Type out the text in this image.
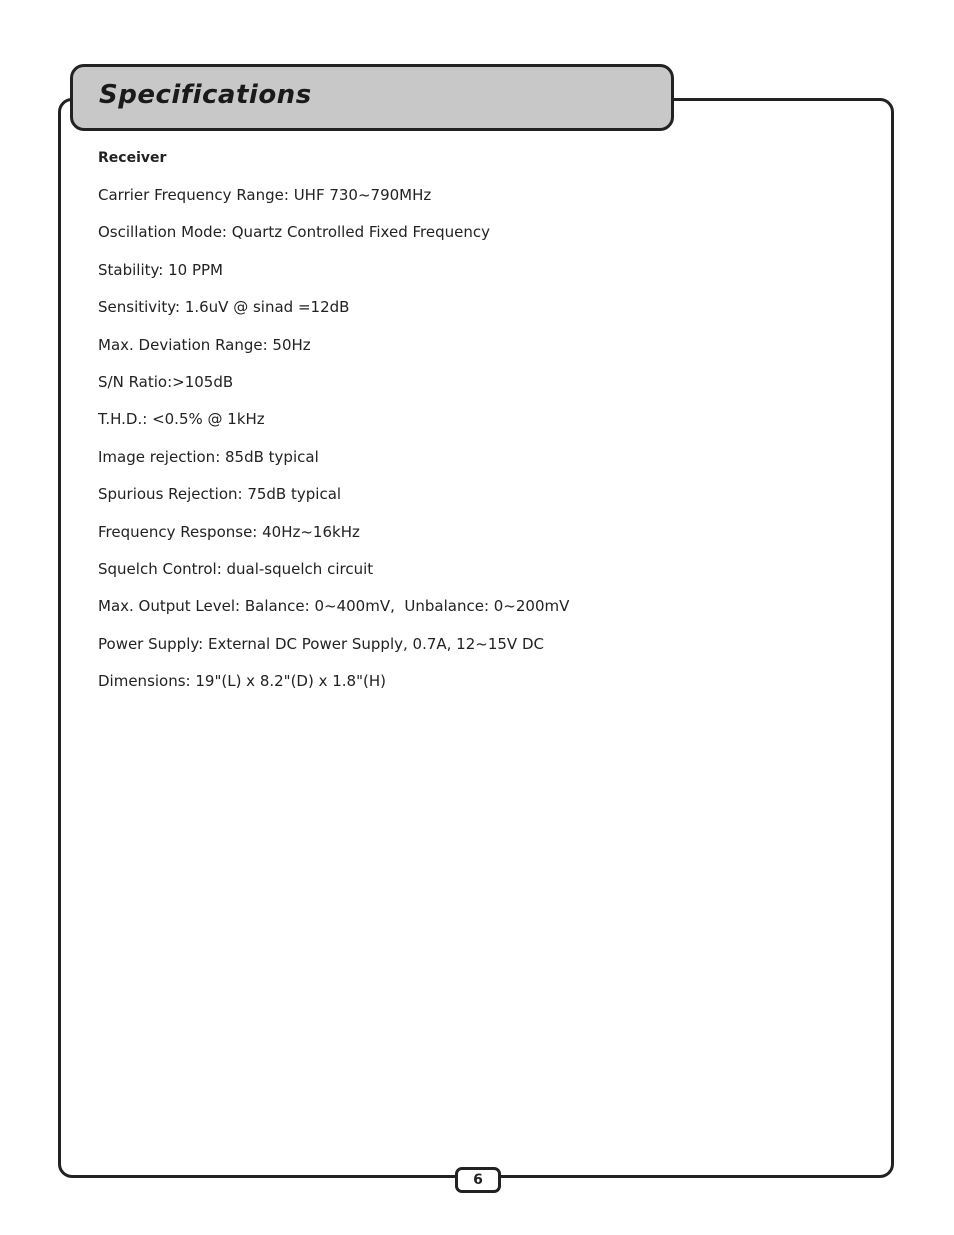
Specifications
Receiver
Carrier Frequency Range: UHF 730~790MHz
Oscillation Mode: Quartz Controlled Fixed Frequency
Stability: 10 PPM
Sensitivity: 1.6uV @ sinad =12dB
Max. Deviation Range: 50Hz
S/N Ratio:>105dB
T.H.D.: <0.5% @ 1kHz
Image rejection: 85dB typical
Spurious Rejection: 75dB typical
Frequency Response: 40Hz~16kHz
Squelch Control: dual-squelch circuit
Max. Output Level: Balance: 0~400mV,  Unbalance: 0~200mV
Power Supply: External DC Power Supply, 0.7A, 12~15V DC
Dimensions: 19"(L) x 8.2"(D) x 1.8"(H)
6
